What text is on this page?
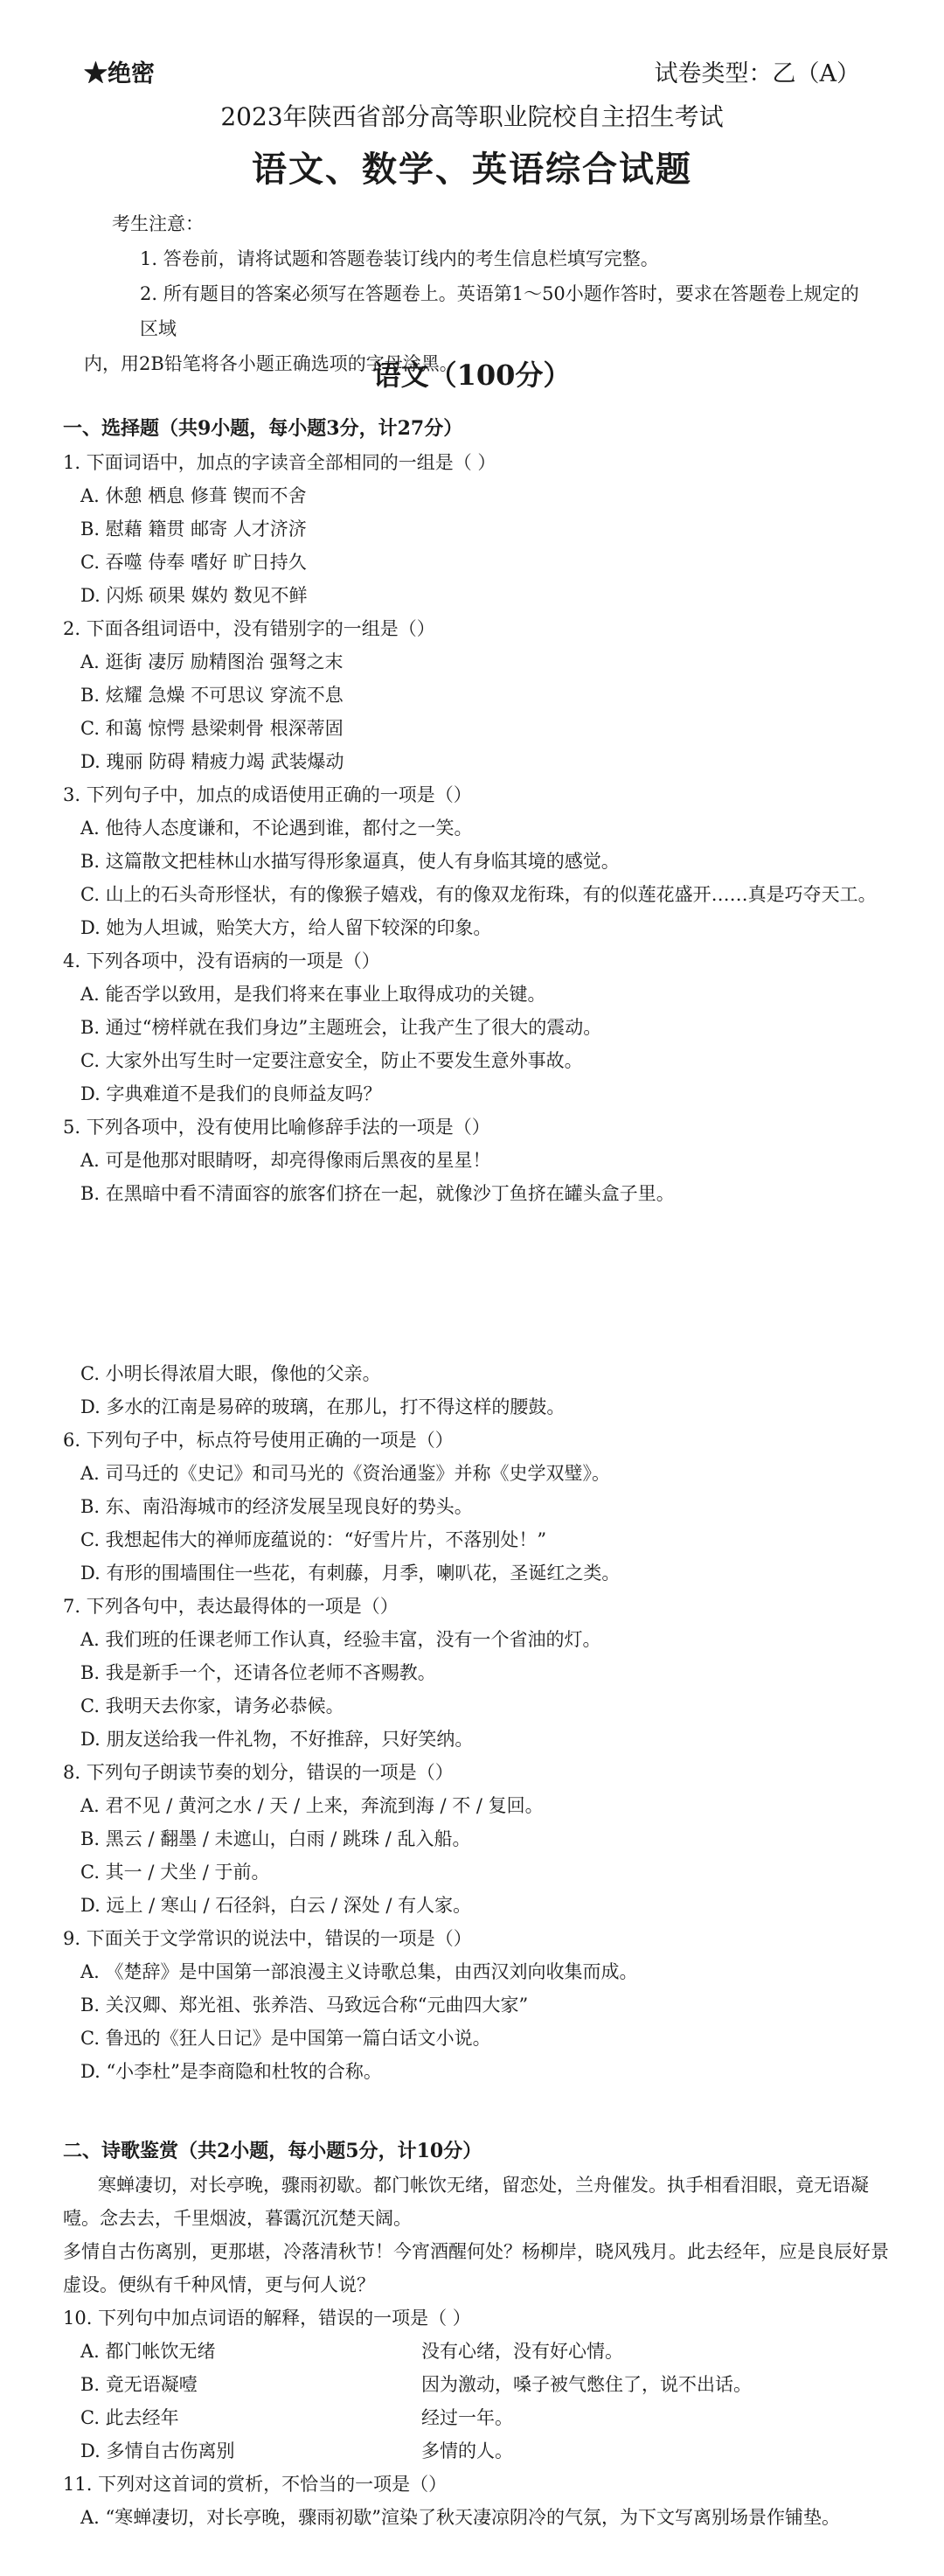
★绝密	试卷类型：乙（A）
2023年陕西省部分高等职业院校自主招生考试
语文、数学、英语综合试题

考生注意：

1. 答卷前，请将试题和答题卷装订线内的考生信息栏填写完整。

2. 所有题目的答案必须写在答题卷上。英语第1～50小题作答时，要求在答题卷上规定的区域

内，用2B铅笔将各小题正确选项的字母涂黑。

语文（100分）
一、选择题（共9小题，每小题3分，计27分）
1. 下面词语中，加点的字读音全部相同的一组是（ ）
A. 休憩 栖息 修葺 锲而不舍
B. 慰藉 籍贯 邮寄 人才济济
C. 吞噬 侍奉 嗜好 旷日持久
D. 闪烁 硕果 媒妁 数见不鲜
2. 下面各组词语中，没有错别字的一组是（）
A. 逛街 凄厉 励精图治 强弩之末
B. 炫耀 急燥 不可思议 穿流不息
C. 和蔼 惊愕 悬梁刺骨 根深蒂固
D. 瑰丽 防碍 精疲力竭 武装爆动
3. 下列句子中，加点的成语使用正确的一项是（）
A. 他待人态度谦和，不论遇到谁，都付之一笑。
B. 这篇散文把桂林山水描写得形象逼真，使人有身临其境的感觉。
C. 山上的石头奇形怪状，有的像猴子嬉戏，有的像双龙衔珠，有的似莲花盛开……真是巧夺天工。
D. 她为人坦诚，贻笑大方，给人留下较深的印象。
4. 下列各项中，没有语病的一项是（）
A. 能否学以致用，是我们将来在事业上取得成功的关键。
B. 通过“榜样就在我们身边”主题班会，让我产生了很大的震动。
C. 大家外出写生时一定要注意安全，防止不要发生意外事故。
D. 字典难道不是我们的良师益友吗？
5. 下列各项中，没有使用比喻修辞手法的一项是（）
A. 可是他那对眼睛呀，却亮得像雨后黑夜的星星！
B. 在黑暗中看不清面容的旅客们挤在一起，就像沙丁鱼挤在罐头盒子里。
C. 小明长得浓眉大眼，像他的父亲。
D. 多水的江南是易碎的玻璃，在那儿，打不得这样的腰鼓。
6. 下列句子中，标点符号使用正确的一项是（）
A. 司马迁的《史记》和司马光的《资治通鉴》并称《史学双璧》。
B. 东、南沿海城市的经济发展呈现良好的势头。
C. 我想起伟大的禅师庞蕴说的：“好雪片片，不落别处！”
D. 有形的围墙围住一些花，有刺藤，月季，喇叭花，圣诞红之类。
7. 下列各句中，表达最得体的一项是（）
A. 我们班的任课老师工作认真，经验丰富，没有一个省油的灯。
B. 我是新手一个，还请各位老师不吝赐教。
C. 我明天去你家，请务必恭候。
D. 朋友送给我一件礼物，不好推辞，只好笑纳。
8. 下列句子朗读节奏的划分，错误的一项是（）
A. 君不见 / 黄河之水 / 天 / 上来，奔流到海 / 不 / 复回。
B. 黑云 / 翻墨 / 未遮山，白雨 / 跳珠 / 乱入船。
C. 其一 / 犬坐 / 于前。
D. 远上 / 寒山 / 石径斜，白云 / 深处 / 有人家。
9. 下面关于文学常识的说法中，错误的一项是（）
A. 《楚辞》是中国第一部浪漫主义诗歌总集，由西汉刘向收集而成。
B. 关汉卿、郑光祖、张养浩、马致远合称“元曲四大家”
C. 鲁迅的《狂人日记》是中国第一篇白话文小说。
D. “小李杜”是李商隐和杜牧的合称。
二、诗歌鉴赏（共2小题，每小题5分，计10分）

寒蝉凄切，对长亭晚，骤雨初歇。都门帐饮无绪，留恋处，兰舟催发。执手相看泪眼，竟无语凝噎。念去去，千里烟波，暮霭沉沉楚天阔。

多情自古伤离别，更那堪，冷落清秋节！今宵酒醒何处？杨柳岸，晓风残月。此去经年，应是良辰好景虚设。便纵有千种风情，更与何人说？

10. 下列句中加点词语的解释，错误的一项是（ ）
A. 都门帐饮无绪	没有心绪，没有好心情。
B. 竟无语凝噎	因为激动，嗓子被气憋住了，说不出话。
C. 此去经年	经过一年。
D. 多情自古伤离别	多情的人。
11. 下列对这首词的赏析，不恰当的一项是（）
A. “寒蝉凄切，对长亭晚，骤雨初歇”渲染了秋天凄凉阴冷的气氛，为下文写离别场景作铺垫。
